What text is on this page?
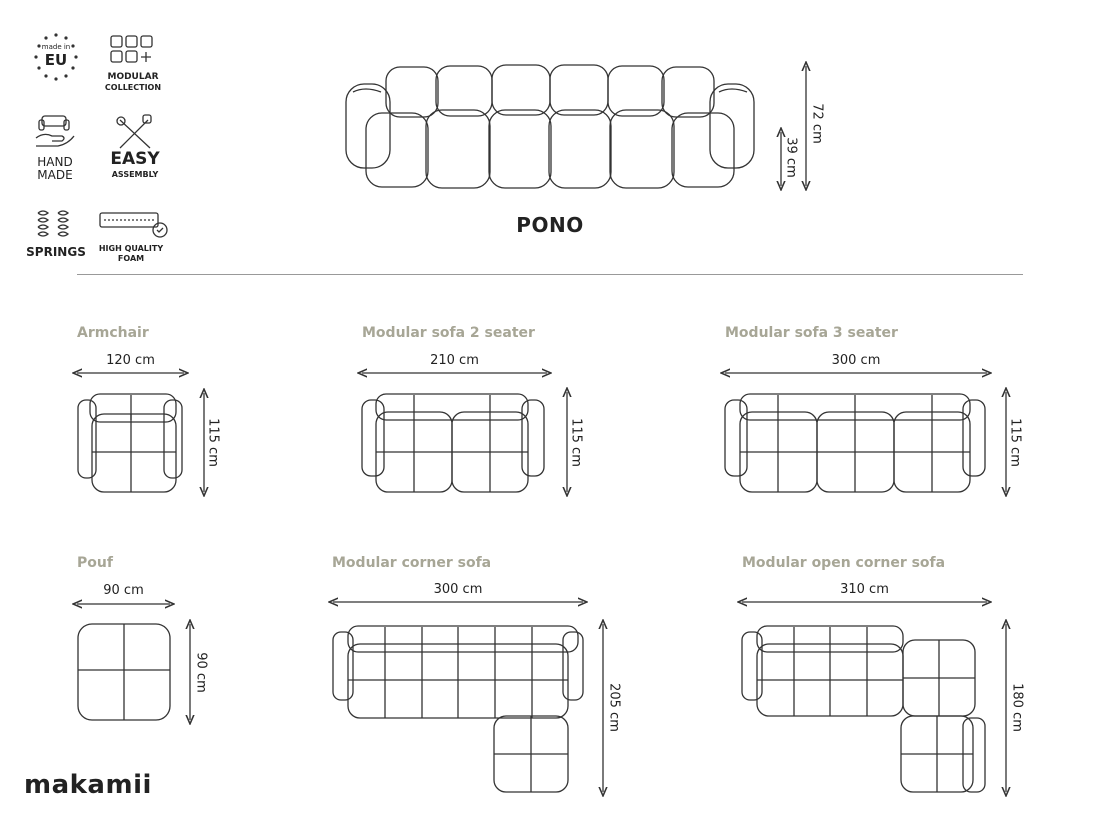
made in
EU
MODULAR
COLLECTION
HAND
MADE
EASY
ASSEMBLY
SPRINGS	HIGH QUALITY
FOAM
PONO
72 cm
39 cm
Armchair
120 cm
115 cm
Modular sofa 2 seater
210 cm
115 cm
Modular sofa 3 seater
300 cm
115 cm
Pouf
90 cm
90 cm
Modular corner sofa
300 cm
205 cm
Modular open corner sofa
310 cm
180 cm
makamii
